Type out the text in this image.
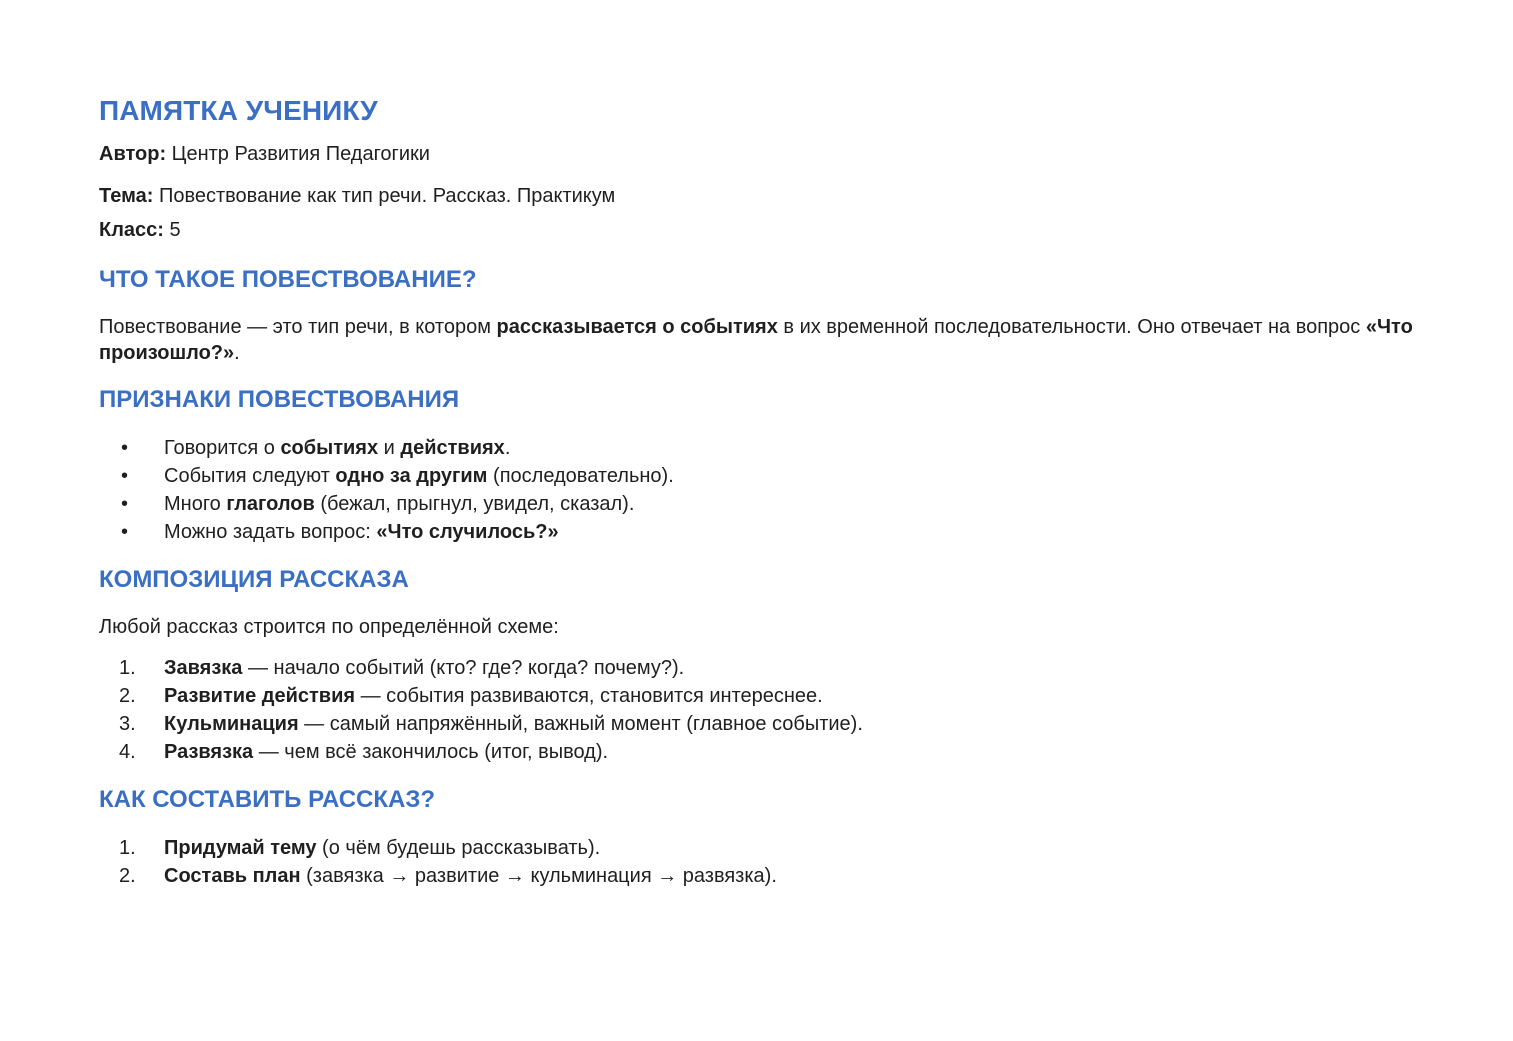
ПАМЯТКА УЧЕНИКУ

Автор: Центр Развития Педагогики

Тема: Повествование как тип речи. Рассказ. Практикум

Класс: 5

ЧТО ТАКОЕ ПОВЕСТВОВАНИЕ?

Повествование — это тип речи, в котором рассказывается о событиях в их временной последовательности. Оно отвечает на вопрос «Что произошло?».

ПРИЗНАКИ ПОВЕСТВОВАНИЯ
• Говорится о событиях и действиях.
• События следуют одно за другим (последовательно).
• Много глаголов (бежал, прыгнул, увидел, сказал).
• Можно задать вопрос: «Что случилось?»
КОМПОЗИЦИЯ РАССКАЗА

Любой рассказ строится по определённой схеме:

1. Завязка — начало событий (кто? где? когда? почему?).
2. Развитие действия — события развиваются, становится интереснее.
3. Кульминация — самый напряжённый, важный момент (главное событие).
4. Развязка — чем всё закончилось (итог, вывод).
КАК СОСТАВИТЬ РАССКАЗ?
1. Придумай тему (о чём будешь рассказывать).
2. Составь план (завязка → развитие → кульминация → развязка).
